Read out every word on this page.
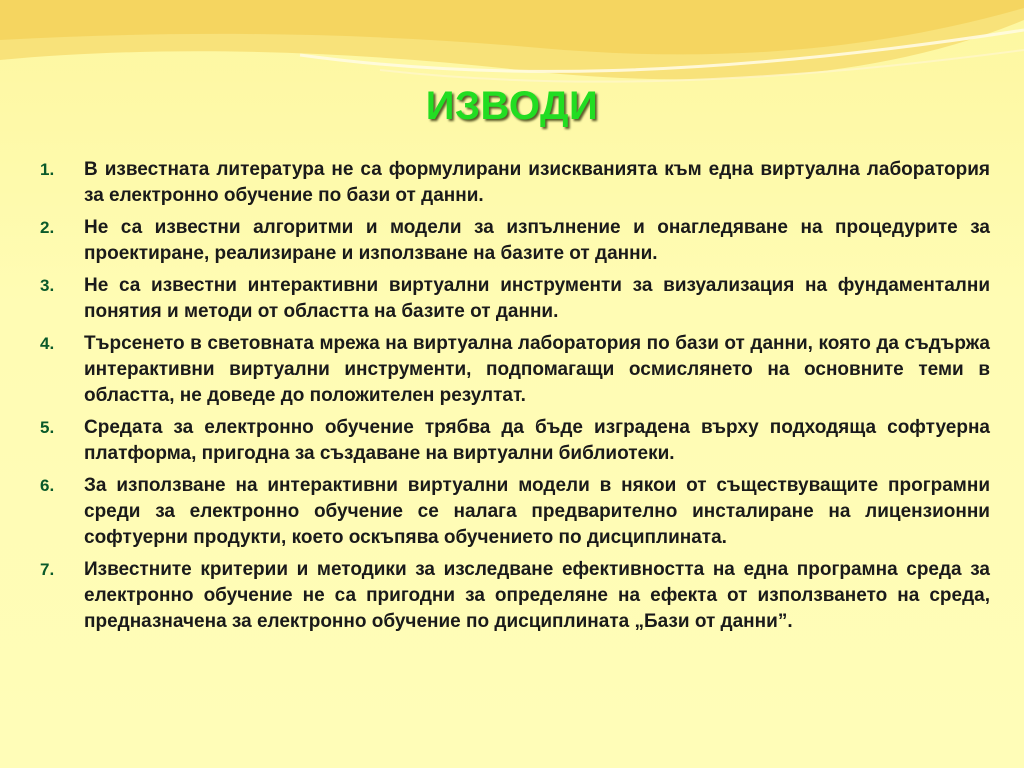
ИЗВОДИ
1. В известната литература не са формулирани изискванията към една виртуална лаборатория за електронно обучение по бази от данни.
2. Не са известни алгоритми и модели за изпълнение и онагледяване на процедурите за проектиране, реализиране и използване на базите от данни.
3. Не са известни интерактивни виртуални инструменти за визуализация на фундаментални понятия и методи от областта на базите от данни.
4. Търсенето в световната мрежа на виртуална лаборатория по бази от данни, която да съдържа интерактивни виртуални инструменти, подпомагащи осмислянето на основните теми в областта, не доведе до положителен резултат.
5. Средата за електронно обучение трябва да бъде изградена върху подходяща софтуерна платформа, пригодна за създаване на виртуални библиотеки.
6. За използване на интерактивни виртуални модели в някои от съществуващите програмни среди за електронно обучение се налага предварително инсталиране на лицензионни софтуерни продукти, което оскъпява обучението по дисциплината.
7. Известните критерии и методики за изследване ефективността на една програмна среда за електронно обучение не са пригодни за определяне на ефекта от използването на среда, предназначена за електронно обучение по дисциплината „Бази от данни”.
